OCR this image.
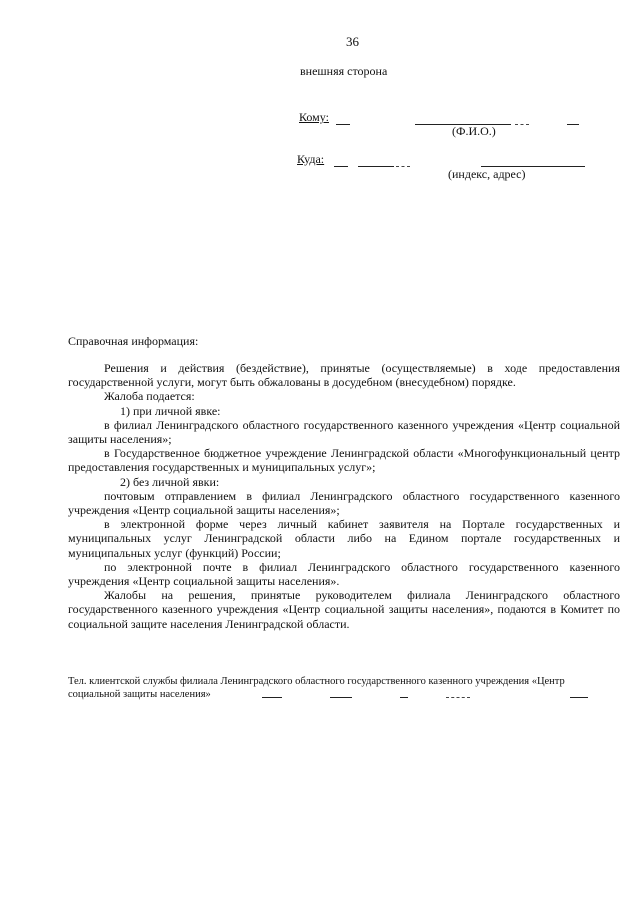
36
внешняя сторона
Кому:
(Ф.И.О.)
Куда:
(индекс, адрес)
Справочная информация:

Решения и действия (бездействие), принятые (осуществляемые) в ходе предоставления государственной услуги, могут быть обжалованы в досудебном (внесудебном) порядке.

Жалоба подается:

1) при личной явке:

в филиал Ленинградского областного государственного казенного учреждения «Центр социальной защиты населения»;

в Государственное бюджетное учреждение Ленинградской области «Многофункциональный центр предоставления государственных и муниципальных услуг»;

2) без личной явки:

почтовым отправлением в филиал Ленинградского областного государственного казенного учреждения «Центр социальной защиты населения»;

в электронной форме через личный кабинет заявителя на Портале государственных и муниципальных услуг Ленинградской области либо на Едином портале государственных и муниципальных услуг (функций) России;

по электронной почте в филиал Ленинградского областного государственного казенного учреждения «Центр социальной защиты населения».

Жалобы на решения, принятые руководителем филиала Ленинградского областного государственного казенного учреждения «Центр социальной защиты населения», подаются в Комитет по социальной защите населения Ленинградской области.

Тел. клиентской службы филиала Ленинградского областного государственного казенного учреждения «Центр

социальной защиты населения»
